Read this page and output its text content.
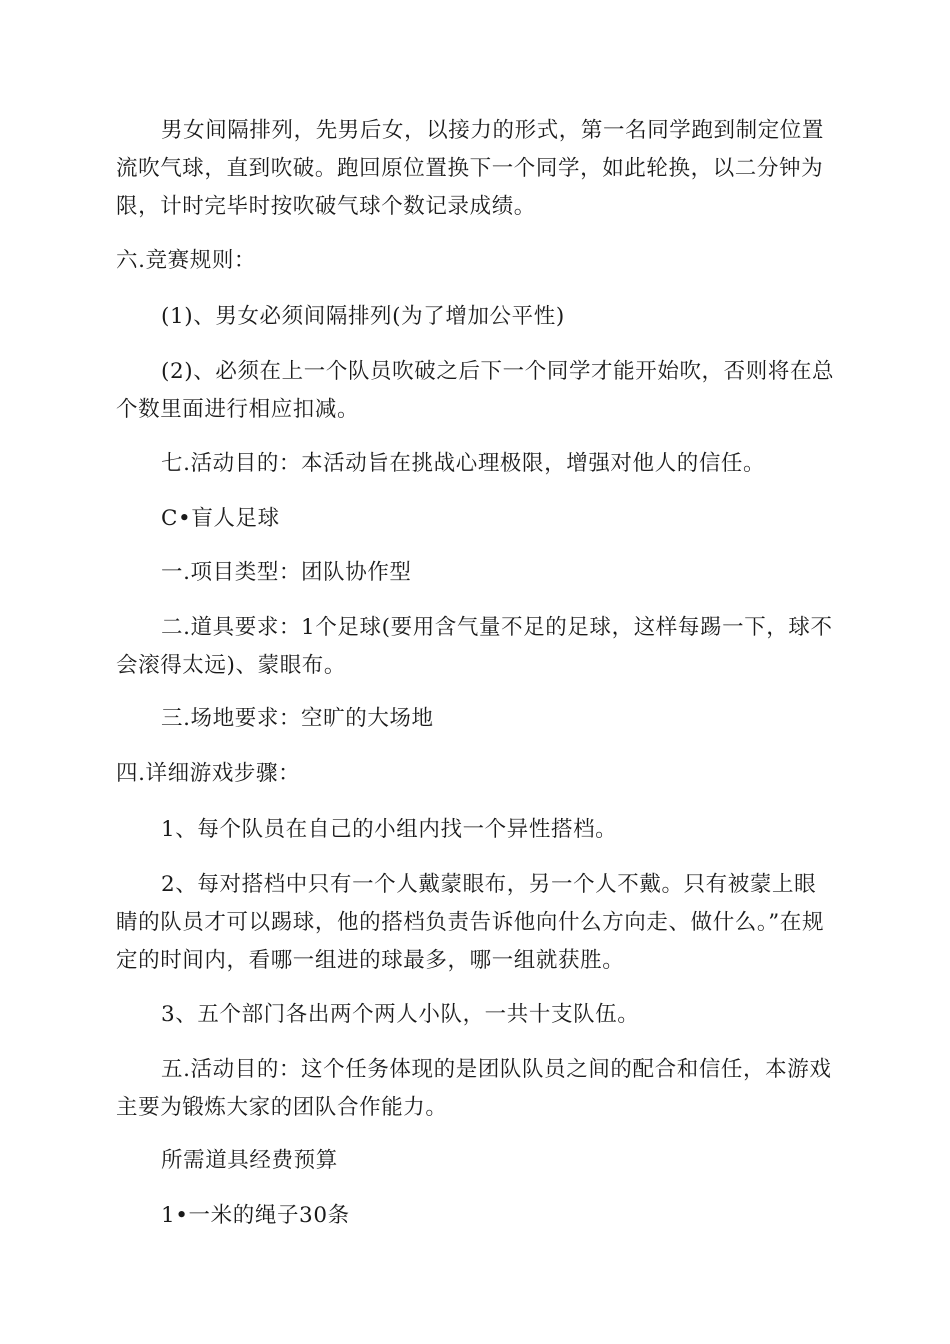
男女间隔排列，先男后女，以接力的形式，第一名同学跑到制定位置流吹气球，直到吹破。跑回原位置换下一个同学，如此轮换，以二分钟为限，计时完毕时按吹破气球个数记录成绩。

六.竞赛规则：

(1)、男女必须间隔排列(为了增加公平性)

(2)、必须在上一个队员吹破之后下一个同学才能开始吹，否则将在总个数里面进行相应扣减。

七.活动目的：本活动旨在挑战心理极限，增强对他人的信任。

C•盲人足球

一.项目类型：团队协作型

二.道具要求：1个足球(要用含气量不足的足球，这样每踢一下，球不会滚得太远)、蒙眼布。

三.场地要求：空旷的大场地

四.详细游戏步骤：

1、每个队员在自己的小组内找一个异性搭档。

2、每对搭档中只有一个人戴蒙眼布，另一个人不戴。只有被蒙上眼睛的队员才可以踢球，他的搭档负责告诉他向什么方向走、做什么。”在规定的时间内，看哪一组进的球最多，哪一组就获胜。

3、五个部门各出两个两人小队，一共十支队伍。

五.活动目的：这个任务体现的是团队队员之间的配合和信任，本游戏主要为锻炼大家的团队合作能力。

所需道具经费预算

1•一米的绳子30条
